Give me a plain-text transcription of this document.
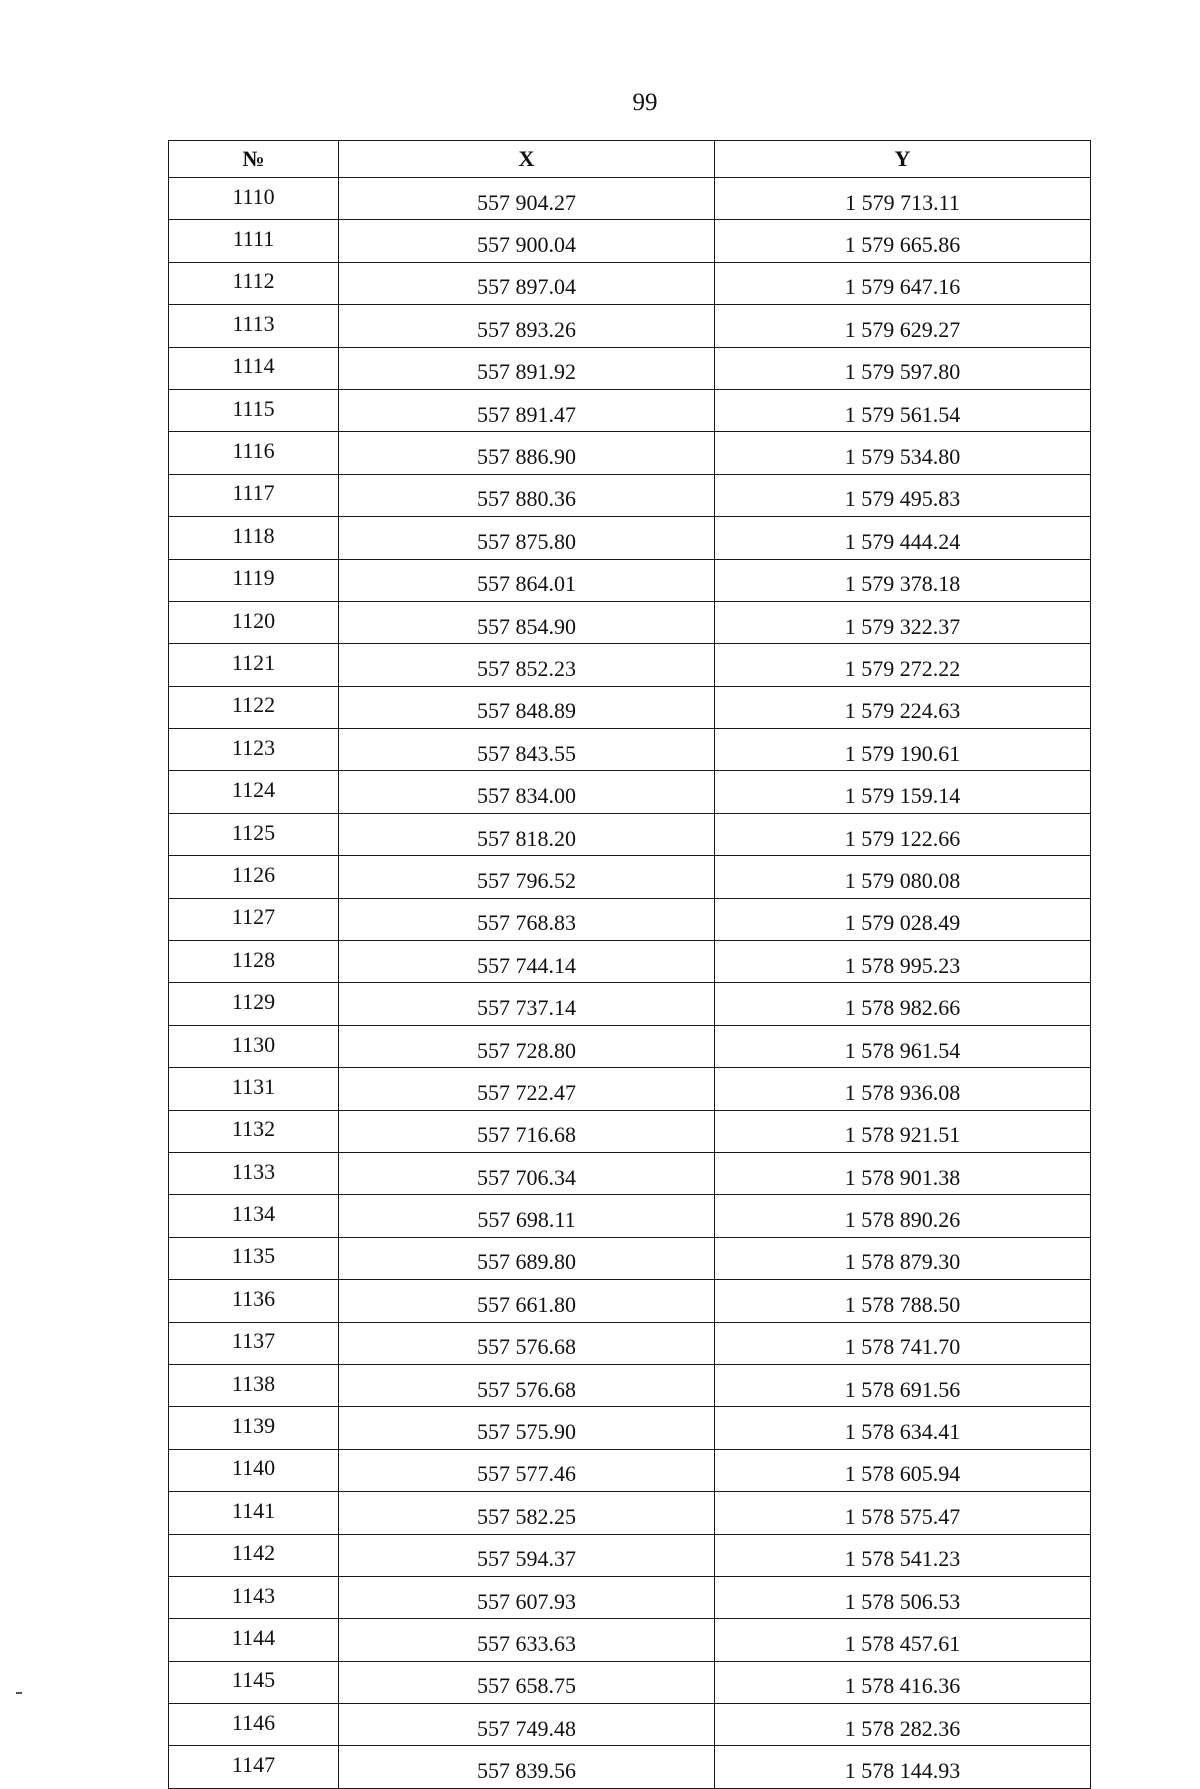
99
№	X	Y
1110	557 904.27	1 579 713.11
1111	557 900.04	1 579 665.86
1112	557 897.04	1 579 647.16
1113	557 893.26	1 579 629.27
1114	557 891.92	1 579 597.80
1115	557 891.47	1 579 561.54
1116	557 886.90	1 579 534.80
1117	557 880.36	1 579 495.83
1118	557 875.80	1 579 444.24
1119	557 864.01	1 579 378.18
1120	557 854.90	1 579 322.37
1121	557 852.23	1 579 272.22
1122	557 848.89	1 579 224.63
1123	557 843.55	1 579 190.61
1124	557 834.00	1 579 159.14
1125	557 818.20	1 579 122.66
1126	557 796.52	1 579 080.08
1127	557 768.83	1 579 028.49
1128	557 744.14	1 578 995.23
1129	557 737.14	1 578 982.66
1130	557 728.80	1 578 961.54
1131	557 722.47	1 578 936.08
1132	557 716.68	1 578 921.51
1133	557 706.34	1 578 901.38
1134	557 698.11	1 578 890.26
1135	557 689.80	1 578 879.30
1136	557 661.80	1 578 788.50
1137	557 576.68	1 578 741.70
1138	557 576.68	1 578 691.56
1139	557 575.90	1 578 634.41
1140	557 577.46	1 578 605.94
1141	557 582.25	1 578 575.47
1142	557 594.37	1 578 541.23
1143	557 607.93	1 578 506.53
1144	557 633.63	1 578 457.61
1145	557 658.75	1 578 416.36
1146	557 749.48	1 578 282.36
1147	557 839.56	1 578 144.93
